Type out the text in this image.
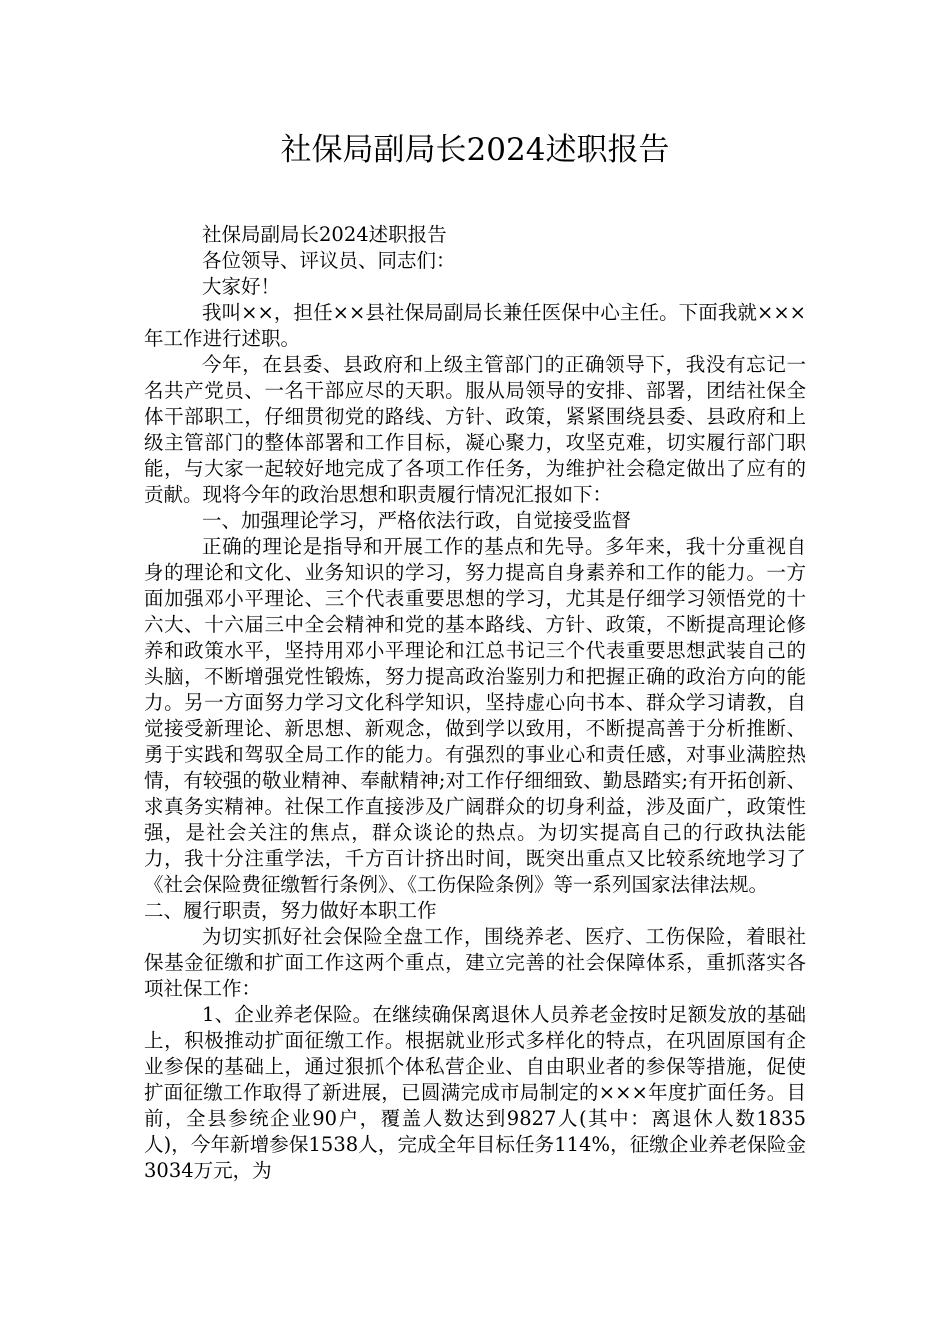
社保局副局长2024述职报告

社保局副局长2024述职报告

各位领导、评议员、同志们：

大家好！

我叫××，担任××县社保局副局长兼任医保中心主任。下面我就×××年工作进行述职。

今年，在县委、县政府和上级主管部门的正确领导下，我没有忘记一名共产党员、一名干部应尽的天职。服从局领导的安排、部署，团结社保全体干部职工，仔细贯彻党的路线、方针、政策，紧紧围绕县委、县政府和上级主管部门的整体部署和工作目标，凝心聚力，攻坚克难，切实履行部门职能，与大家一起较好地完成了各项工作任务，为维护社会稳定做出了应有的贡献。现将今年的政治思想和职责履行情况汇报如下：

一、加强理论学习，严格依法行政，自觉接受监督

正确的理论是指导和开展工作的基点和先导。多年来，我十分重视自身的理论和文化、业务知识的学习，努力提高自身素养和工作的能力。一方面加强邓小平理论、三个代表重要思想的学习，尤其是仔细学习领悟党的十六大、十六届三中全会精神和党的基本路线、方针、政策，不断提高理论修养和政策水平，坚持用邓小平理论和江总书记三个代表重要思想武装自己的头脑，不断增强党性锻炼，努力提高政治鉴别力和把握正确的政治方向的能力。另一方面努力学习文化科学知识，坚持虚心向书本、群众学习请教，自觉接受新理论、新思想、新观念，做到学以致用，不断提高善于分析推断、勇于实践和驾驭全局工作的能力。有强烈的事业心和责任感，对事业满腔热情，有较强的敬业精神、奉献精神;对工作仔细细致、勤恳踏实;有开拓创新、求真务实精神。社保工作直接涉及广阔群众的切身利益，涉及面广，政策性强，是社会关注的焦点，群众谈论的热点。为切实提高自己的行政执法能力，我十分注重学法，千方百计挤出时间，既突出重点又比较系统地学习了《社会保险费征缴暂行条例》、《工伤保险条例》等一系列国家法律法规。

二、履行职责，努力做好本职工作

为切实抓好社会保险全盘工作，围绕养老、医疗、工伤保险，着眼社保基金征缴和扩面工作这两个重点，建立完善的社会保障体系，重抓落实各项社保工作：

1、企业养老保险。在继续确保离退休人员养老金按时足额发放的基础上，积极推动扩面征缴工作。根据就业形式多样化的特点，在巩固原国有企业参保的基础上，通过狠抓个体私营企业、自由职业者的参保等措施，促使扩面征缴工作取得了新进展，已圆满完成市局制定的×××年度扩面任务。目前，全县参统企业90户，覆盖人数达到9827人(其中：离退休人数1835人)，今年新增参保1538人，完成全年目标任务114%，征缴企业养老保险金3034万元，为
